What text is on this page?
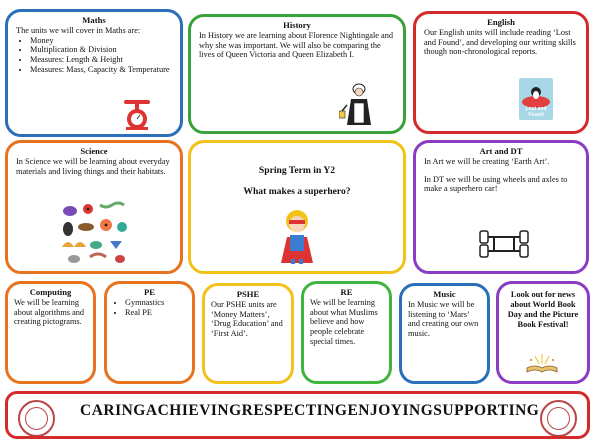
Maths
The units we will cover in Maths are:
• Money
• Multiplication & Division
• Measures: Length & Height
• Measures: Mass, Capacity & Temperature
History
In History we are learning about Florence Nightingale and why she was important. We will also be comparing the lives of Queen Victoria and Queen Elizabeth I.
English
Our English units will include reading ‘Lost and Found’, and developing our writing skills though non-chronological reports.
Lost and Found
Science
In Science we will be learning about everyday materials and living things and their habitats.	Spring Term in Y2
What makes a superhero?
Art and DT
In Art we will be creating ‘Earth Art’.
In DT we will be using wheels and axles to make a superhero car!
Computing
We will be learning about algorithms and creating pictograms.
PE
• Gymnastics
• Real PE
PSHE
Our PSHE units are ‘Money Matters’, ‘Drug Education’ and ‘First Aid’.
RE
We will be learning about what Muslims believe and how people celebrate special times.
Music
In Music we will be listening to ‘Mars’ and creating our own music.
Look out for news about World Book Day and the Picture Book Festival!
CARING ACHIEVING RESPECTING ENJOYING SUPPORTING
